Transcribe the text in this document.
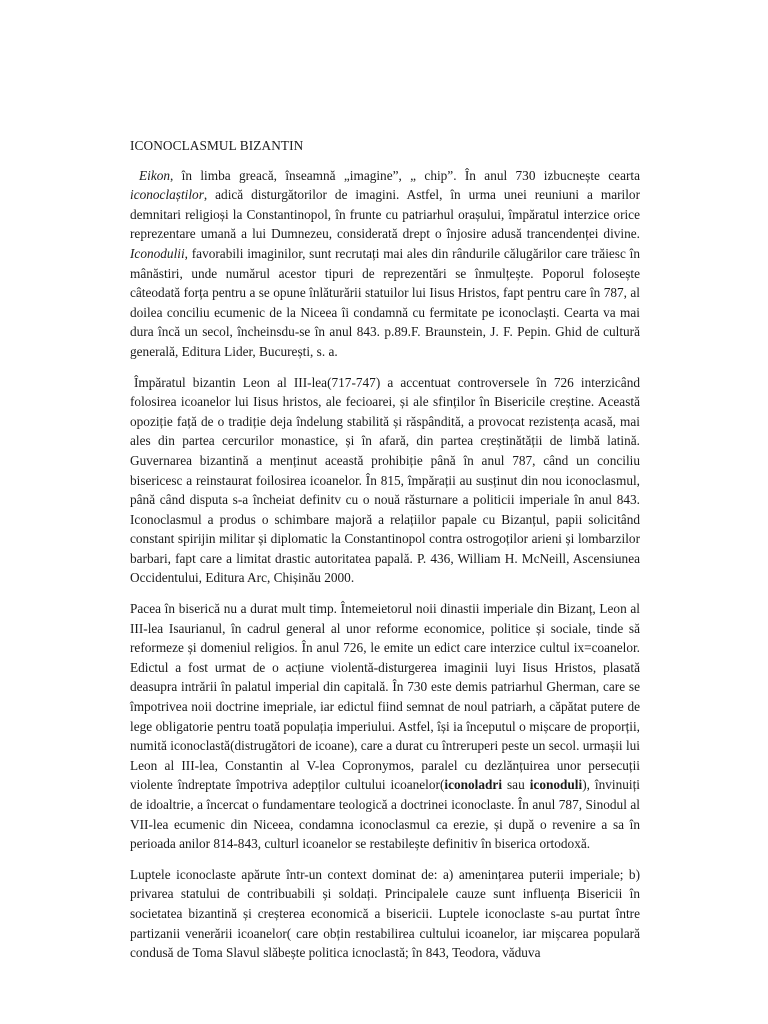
ICONOCLASMUL BIZANTIN

Eikon, în limba greacă, înseamnă „imagine”, „ chip”. În anul 730 izbucnește cearta iconoclaștilor, adică disturgătorilor de imagini. Astfel, în urma unei reuniuni a marilor demnitari religioși la Constantinopol, în frunte cu patriarhul orașului, împăratul interzice orice reprezentare umană a lui Dumnezeu, considerată drept o înjosire adusă trancendenței divine. Iconodulii, favorabili imaginilor, sunt recrutați mai ales din rândurile călugărilor care trăiesc în mânăstiri, unde numărul acestor tipuri de reprezentări se înmulțește. Poporul folosește câteodată forța pentru a se opune înlăturării statuilor lui Iisus Hristos, fapt pentru care în 787, al doilea conciliu ecumenic de la Niceea îi condamnă cu fermitate pe iconoclaști. Cearta va mai dura încă un secol, încheinsdu-se în anul 843. p.89.F. Braunstein, J. F. Pepin. Ghid de cultură generală, Editura Lider, București, s. a.

Împăratul bizantin Leon al III-lea(717-747) a accentuat controversele în 726 interzicând folosirea icoanelor lui Iisus hristos, ale fecioarei, și ale sfinților în Bisericile creștine. Această opoziție față de o tradiție deja îndelung stabilită și răspândită, a provocat rezistența acasă, mai ales din partea cercurilor monastice, și în afară, din partea creștinătății de limbă latină. Guvernarea bizantină a menținut această prohibiție până în anul 787, când un conciliu bisericesc a reinstaurat foilosirea icoanelor. În 815, împărații au susținut din nou iconoclasmul, până când disputa s-a încheiat definitv cu o nouă răsturnare a politicii imperiale în anul 843. Iconoclasmul a produs o schimbare majoră a relațiilor papale cu Bizanțul, papii solicitând constant spirijin militar și diplomatic la Constantinopol contra ostrogoților arieni și lombarzilor barbari, fapt care a limitat drastic autoritatea papală. P. 436, William H. McNeill, Ascensiunea Occidentului, Editura Arc, Chișinău 2000.

Pacea în biserică nu a durat mult timp. Întemeietorul noii dinastii imperiale din Bizanț, Leon al III-lea Isaurianul, în cadrul general al unor reforme economice, politice și sociale, tinde să reformeze și domeniul religios. În anul 726, le emite un edict care interzice cultul ix=coanelor. Edictul a fost urmat de o acțiune violentă-disturgerea imaginii luyi Iisus Hristos, plasată deasupra intrării în palatul imperial din capitală. În 730 este demis patriarhul Gherman, care se împotrivea noii doctrine imepriale, iar edictul fiind semnat de noul patriarh, a căpătat putere de lege obligatorie pentru toată populația imperiului. Astfel, își ia începutul o mișcare de proporții, numită iconoclastă(distrugători de icoane), care a durat cu întreruperi peste un secol. urmașii lui Leon al III-lea, Constantin al V-lea Copronymos, paralel cu dezlănțuirea unor persecuții violente îndreptate împotriva adepților cultului icoanelor(iconoladri sau iconoduli), învinuiți de idoaltrie, a încercat o fundamentare teologică a doctrinei iconoclaste. În anul 787, Sinodul al VII-lea ecumenic din Niceea, condamna iconoclasmul ca erezie, și după o revenire a sa în perioada anilor 814-843, culturl icoanelor se restabilește definitiv în biserica ortodoxă.

Luptele iconoclaste apărute într-un context dominat de: a) amenințarea puterii imperiale; b) privarea statului de contribuabili și soldați. Principalele cauze sunt influența Bisericii în societatea bizantină și creșterea economică a bisericii. Luptele iconoclaste s-au purtat între partizanii venerării icoanelor( care obțin restabilirea cultului icoanelor, iar mișcarea populară condusă de Toma Slavul slăbește politica icnoclastă; în 843, Teodora, văduva
